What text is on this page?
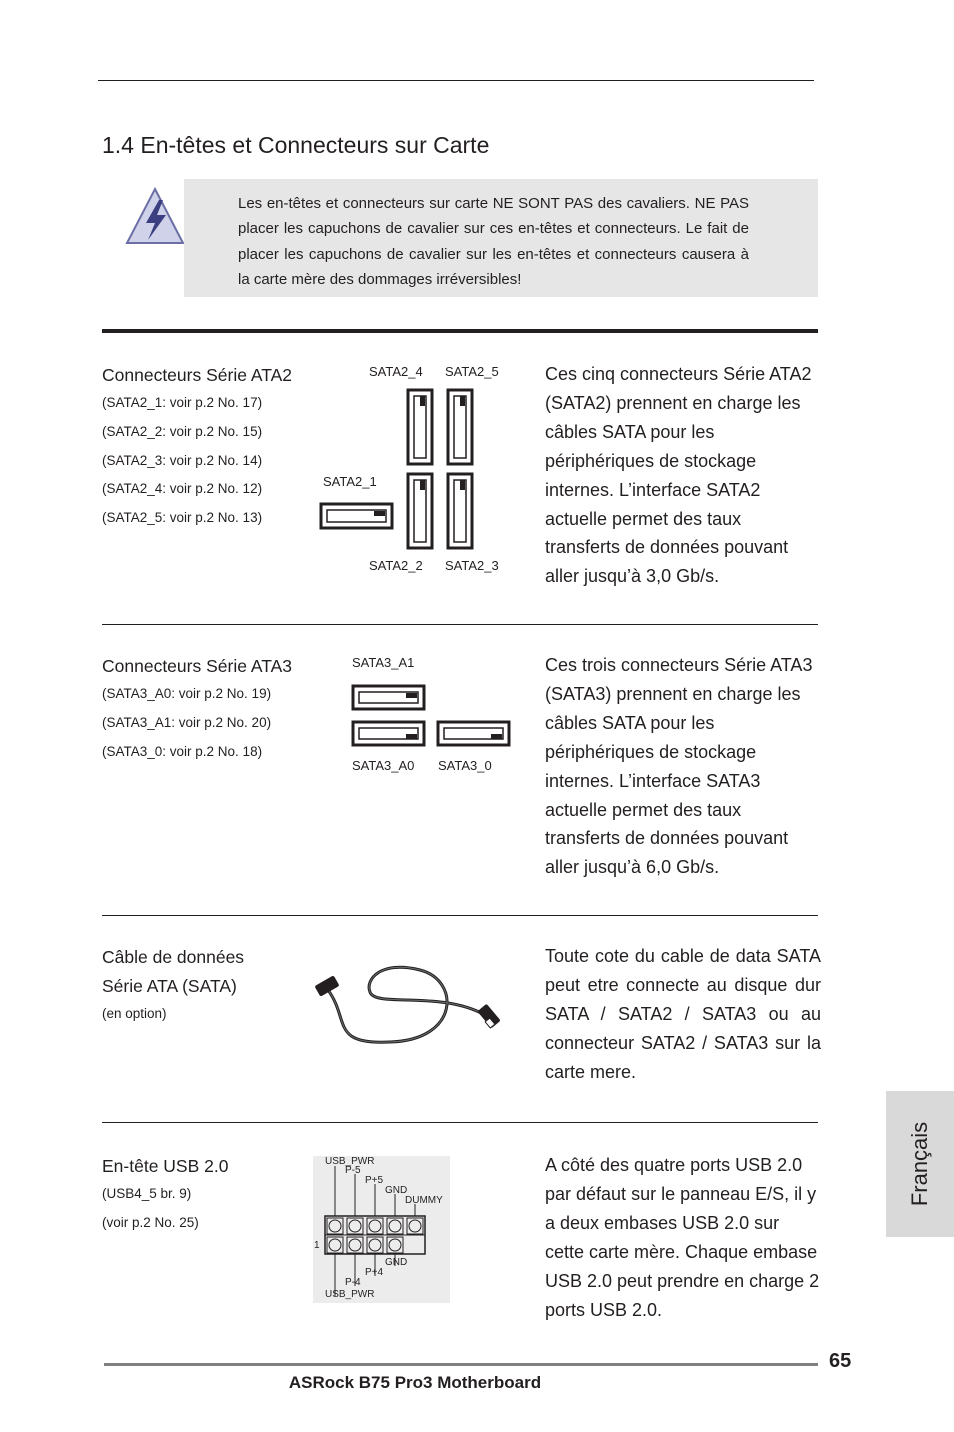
1.4 En-têtes et Connecteurs sur Carte
Les en-têtes et connecteurs sur carte NE SONT PAS des cavaliers. NE PAS placer les capuchons de cavalier sur ces en-têtes et connecteurs. Le fait de placer les capuchons de cavalier sur les en-têtes et connecteurs causera à la carte mère des dommages irréversibles!
Connecteurs Série ATA2
(SATA2_1: voir p.2 No. 17)
(SATA2_2: voir p.2 No. 15)
(SATA2_3: voir p.2 No. 14)
(SATA2_4: voir p.2 No. 12)
(SATA2_5: voir p.2 No. 13)
SATA2_4 SATA2_5
SATA2_1
SATA2_2 SATA2_3
Ces cinq connecteurs Série ATA2 (SATA2) prennent en charge les câbles SATA pour les périphériques de stockage internes. L’interface SATA2 actuelle permet des taux transferts de données pouvant aller jusqu’à 3,0 Gb/s.
Connecteurs Série ATA3
(SATA3_A0: voir p.2 No. 19)
(SATA3_A1: voir p.2 No. 20)
(SATA3_0: voir p.2 No. 18)
SATA3_A1
SATA3_A0 SATA3_0
Ces trois connecteurs Série ATA3 (SATA3) prennent en charge les câbles SATA pour les périphériques de stockage internes. L’interface SATA3 actuelle permet des taux transferts de données pouvant aller jusqu’à 6,0 Gb/s.
Câble de données
Série ATA (SATA)
(en option)
Toute cote du cable de data SATA peut etre connecte au disque dur SATA / SATA2 / SATA3 ou au connecteur SATA2 / SATA3 sur la carte mere.
En-tête USB 2.0
(USB4_5 br. 9)
(voir p.2 No. 25)
USB_PWR
P-5
P+5
GND
DUMMY
1
GND
P+4
P-4
USB_PWR
A côté des quatre ports USB 2.0 par défaut sur le panneau E/S, il y a deux embases USB 2.0 sur cette carte mère. Chaque embase USB 2.0 peut prendre en charge 2 ports USB 2.0.
Français
65
ASRock B75 Pro3 Motherboard
